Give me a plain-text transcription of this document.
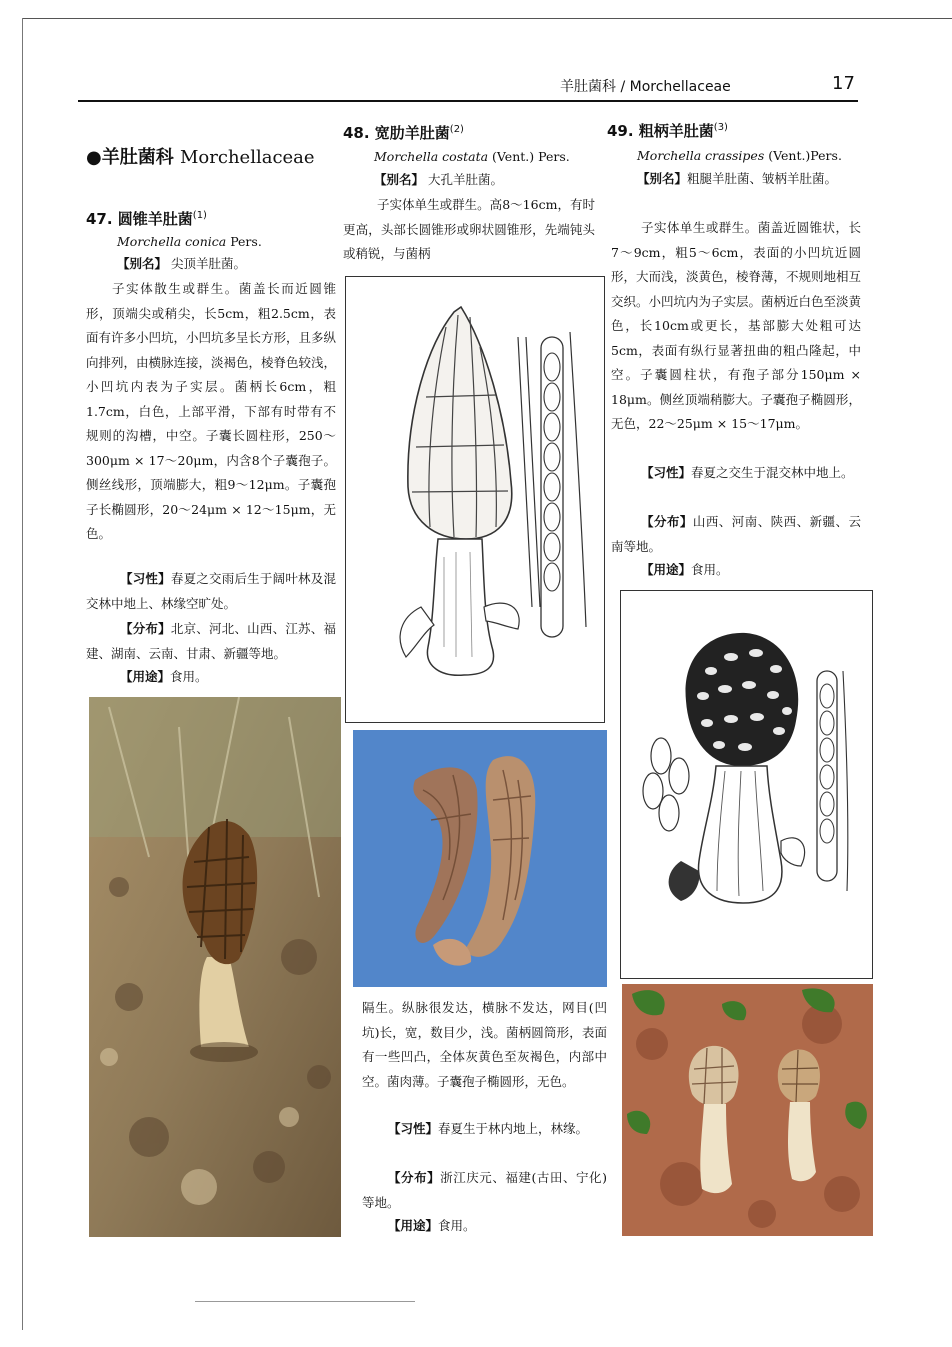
羊肚菌科 / Morchellaceae	17
●羊肚菌科 Morchellaceae
47. 圆锥羊肚菌$^{(1)}$
Morchella conica Pers.
【别名】 尖顶羊肚菌。
子实体散生或群生。菌盖长而近圆锥形，顶端尖或稍尖，长5cm，粗2.5cm，表面有许多小凹坑，小凹坑多呈长方形，且多纵向排列，由横脉连接，淡褐色，棱脊色较浅，小凹坑内表为子实层。菌柄长6cm，粗1.7cm，白色，上部平滑，下部有时带有不规则的沟槽，中空。子囊长圆柱形，250～300μm × 17～20μm，内含8个子囊孢子。侧丝线形，顶端膨大，粗9～12μm。子囊孢子长椭圆形，20～24μm × 12～15μm，无色。
【习性】春夏之交雨后生于阔叶林及混交林中地上、林缘空旷处。
【分布】北京、河北、山西、江苏、福建、湖南、云南、甘肃、新疆等地。
【用途】食用。
48. 宽肋羊肚菌$^{(2)}$
Morchella costata (Vent.) Pers.
【别名】 大孔羊肚菌。
子实体单生或群生。高8～16cm，有时更高，头部长圆锥形或卵状圆锥形，先端钝头或稍锐，与菌柄
隔生。纵脉很发达，横脉不发达，网目(凹坑)长，宽，数目少，浅。菌柄圆筒形，表面有一些凹凸，全体灰黄色至灰褐色，内部中空。菌肉薄。子囊孢子椭圆形，无色。
【习性】春夏生于林内地上，林缘。
【分布】浙江庆元、福建(古田、宁化)等地。
【用途】食用。
49. 粗柄羊肚菌$^{(3)}$
Morchella crassipes (Vent.)Pers.
【别名】粗腿羊肚菌、皱柄羊肚菌。
子实体单生或群生。菌盖近圆锥状，长7～9cm，粗5～6cm，表面的小凹坑近圆形，大而浅，淡黄色，棱脊薄，不规则地相互交织。小凹坑内为子实层。菌柄近白色至淡黄色，长10cm或更长，基部膨大处粗可达5cm，表面有纵行显著扭曲的粗凸隆起，中空。子囊圆柱状，有孢子部分150μm × 18μm。侧丝顶端稍膨大。子囊孢子椭圆形，无色，22～25μm × 15～17μm。
【习性】春夏之交生于混交林中地上。
【分布】山西、河南、陕西、新疆、云南等地。
【用途】食用。
